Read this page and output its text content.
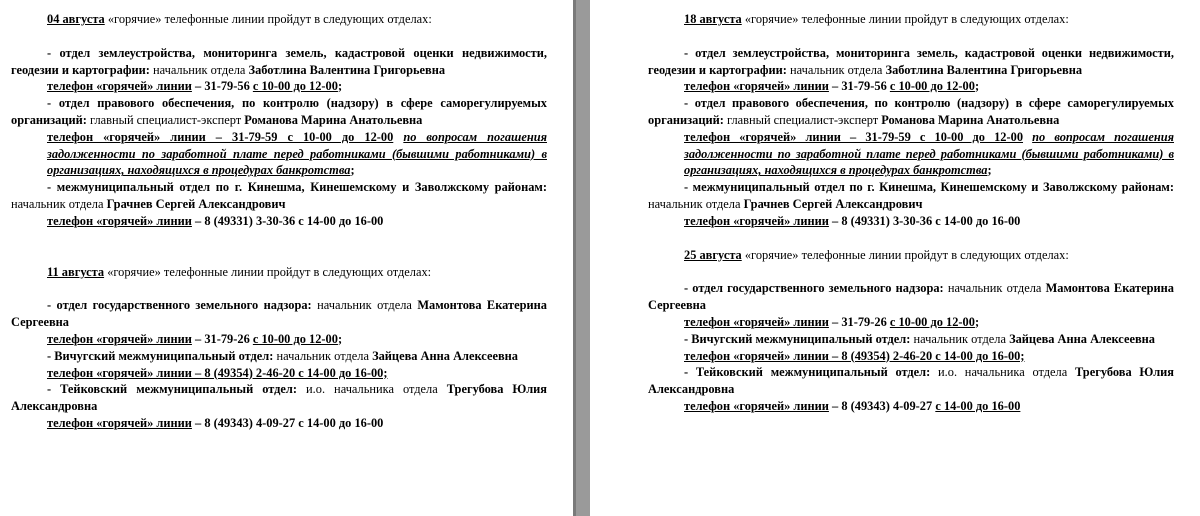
04 августа «горячие» телефонные линии пройдут в следующих отделах:

- отдел землеустройства, мониторинга земель, кадастровой оценки недвижимости, геодезии и картографии: начальник отдела Заботлина Валентина Григорьевна

телефон «горячей» линии – 31-79-56 с 10-00 до 12-00;

- отдел правового обеспечения, по контролю (надзору) в сфере саморегулируемых организаций: главный специалист-эксперт Романова Марина Анатольевна

телефон «горячей» линии – 31-79-59 с 10-00 до 12-00 по вопросам погашения задолженности по заработной плате перед работниками (бывшими работниками) в организациях, находящихся в процедурах банкротства;

- межмуниципальный отдел по г. Кинешма, Кинешемскому и Заволжскому районам: начальник отдела Грачнев Сергей Александрович

телефон «горячей» линии – 8 (49331) 3-30-36 с 14-00 до 16-00

11 августа «горячие» телефонные линии пройдут в следующих отделах:

- отдел государственного земельного надзора: начальник отдела Мамонтова Екатерина Сергеевна

телефон «горячей» линии – 31-79-26 с 10-00 до 12-00;

- Вичугский межмуниципальный отдел: начальник отдела Зайцева Анна Алексеевна

телефон «горячей» линии – 8 (49354) 2-46-20 с 14-00 до 16-00;

- Тейковский межмуниципальный отдел: и.о. начальника отдела Трегубова Юлия Александровна

телефон «горячей» линии – 8 (49343) 4-09-27 с 14-00 до 16-00

18 августа «горячие» телефонные линии пройдут в следующих отделах:

- отдел землеустройства, мониторинга земель, кадастровой оценки недвижимости, геодезии и картографии: начальник отдела Заботлина Валентина Григорьевна

телефон «горячей» линии – 31-79-56 с 10-00 до 12-00;

- отдел правового обеспечения, по контролю (надзору) в сфере саморегулируемых организаций: главный специалист-эксперт Романова Марина Анатольевна

телефон «горячей» линии – 31-79-59 с 10-00 до 12-00 по вопросам погашения задолженности по заработной плате перед работниками (бывшими работниками) в организациях, находящихся в процедурах банкротства;

- межмуниципальный отдел по г. Кинешма, Кинешемскому и Заволжскому районам: начальник отдела Грачнев Сергей Александрович

телефон «горячей» линии – 8 (49331) 3-30-36 с 14-00 до 16-00

25 августа «горячие» телефонные линии пройдут в следующих отделах:

- отдел государственного земельного надзора: начальник отдела Мамонтова Екатерина Сергеевна

телефон «горячей» линии – 31-79-26 с 10-00 до 12-00;

- Вичугский межмуниципальный отдел: начальник отдела Зайцева Анна Алексеевна

телефон «горячей» линии – 8 (49354) 2-46-20 с 14-00 до 16-00;

- Тейковский межмуниципальный отдел: и.о. начальника отдела Трегубова Юлия Александровна

телефон «горячей» линии – 8 (49343) 4-09-27 с 14-00 до 16-00
